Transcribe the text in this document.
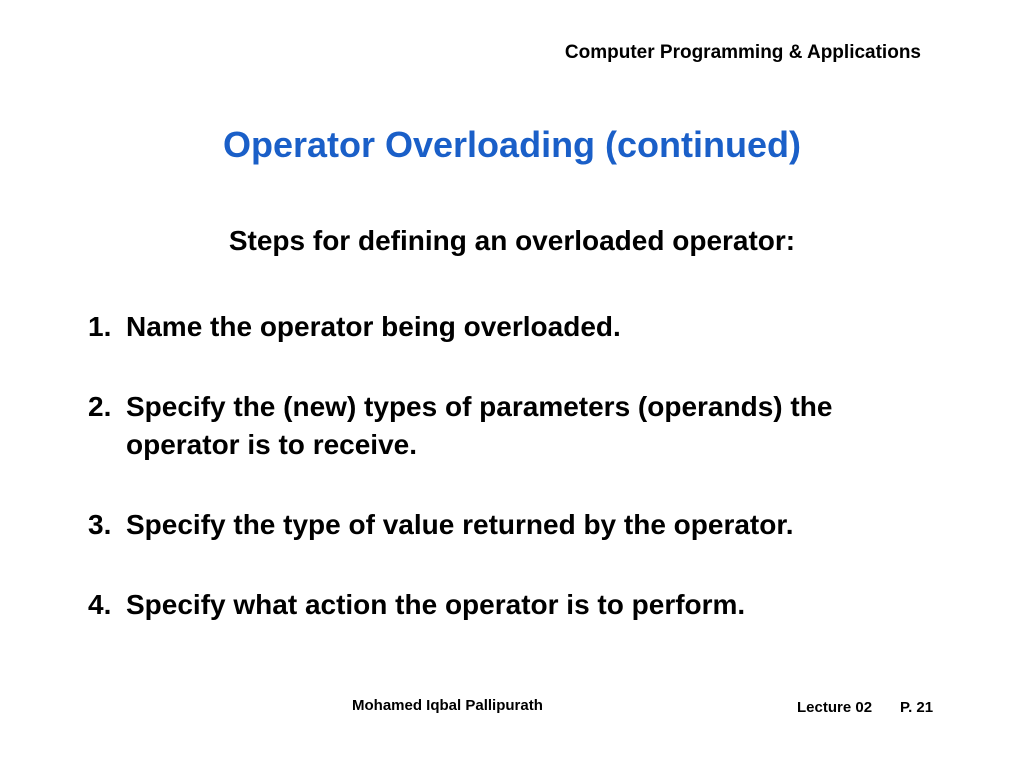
Computer Programming & Applications
Operator Overloading (continued)
Steps for defining an overloaded operator:
1. Name the operator being overloaded.
2. Specify the (new) types of parameters (operands) the operator is to receive.
3. Specify the type of value returned by the operator.
4. Specify what action the operator is to perform.
Mohamed Iqbal Pallipurath	Lecture 02 P. 21
